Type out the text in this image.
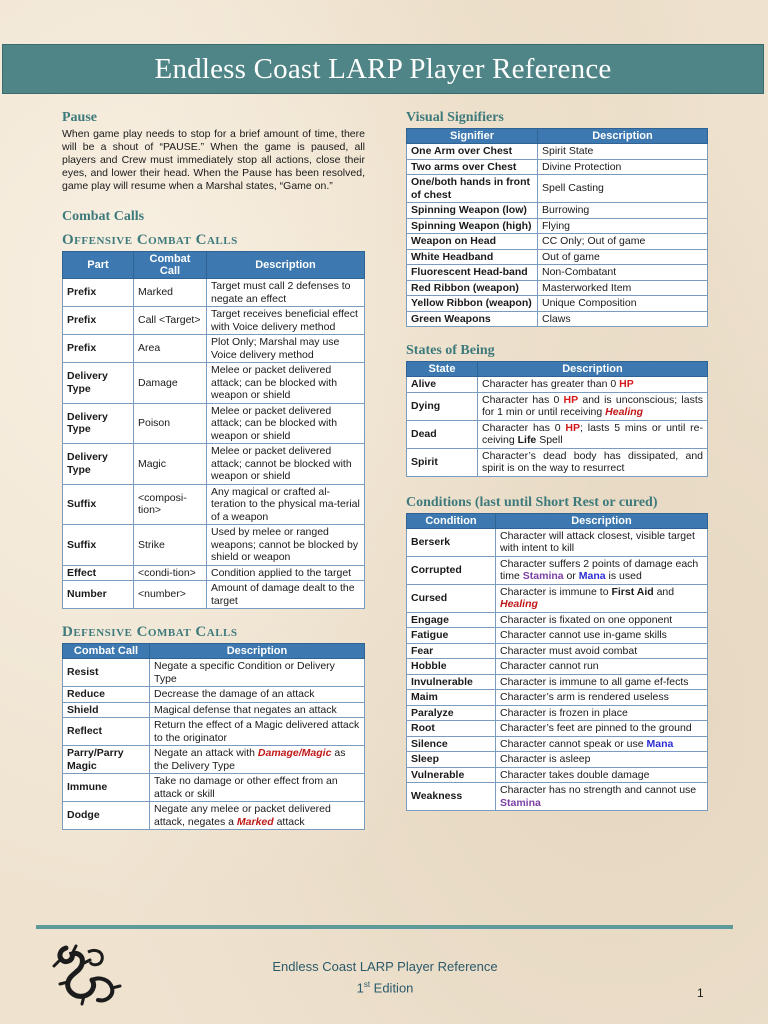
Endless Coast LARP Player Reference
Pause

When game play needs to stop for a brief amount of time, there will be a shout of “PAUSE.” When the game is paused, all players and Crew must immediately stop all actions, close their eyes, and lower their head. When the Pause has been resolved, game play will resume when a Marshal states, “Game on.”

Combat Calls
Offensive Combat Calls
Part	Combat Call	Description
Prefix	Marked	Target must call 2 defenses to negate an effect
Prefix	Call <Target>	Target receives beneficial effect with Voice delivery method
Prefix	Area	Plot Only; Marshal may use Voice delivery method
Delivery Type	Damage	Melee or packet delivered attack; can be blocked with weapon or shield
Delivery Type	Poison	Melee or packet delivered attack; can be blocked with weapon or shield
Delivery Type	Magic	Melee or packet delivered attack; cannot be blocked with weapon or shield
Suffix	<composi-tion>	Any magical or crafted al-teration to the physical ma-terial of a weapon
Suffix	Strike	Used by melee or ranged weapons; cannot be blocked by shield or weapon
Effect	<condi-tion>	Condition applied to the target
Number	<number>	Amount of damage dealt to the target
Defensive Combat Calls
Combat Call	Description
Resist	Negate a specific Condition or Delivery Type
Reduce	Decrease the damage of an attack
Shield	Magical defense that negates an attack
Reflect	Return the effect of a Magic delivered attack to the originator
Parry/Parry Magic	Negate an attack with Damage/Magic as the Delivery Type
Immune	Take no damage or other effect from an attack or skill
Dodge	Negate any melee or packet delivered attack, negates a Marked attack
Visual Signifiers
Signifier	Description
One Arm over Chest	Spirit State
Two arms over Chest	Divine Protection
One/both hands in front of chest	Spell Casting
Spinning Weapon (low)	Burrowing
Spinning Weapon (high)	Flying
Weapon on Head	CC Only; Out of game
White Headband	Out of game
Fluorescent Head-band	Non-Combatant
Red Ribbon (weapon)	Masterworked Item
Yellow Ribbon (weapon)	Unique Composition
Green Weapons	Claws
States of Being
State	Description
Alive	Character has greater than 0 HP
Dying	Character has 0 HP and is unconscious; lasts for 1 min or until receiving Healing
Dead	Character has 0 HP; lasts 5 mins or until re-ceiving Life Spell
Spirit	Character’s dead body has dissipated, and spirit is on the way to resurrect
Conditions (last until Short Rest or cured)
Condition	Description
Berserk	Character will attack closest, visible target with intent to kill
Corrupted	Character suffers 2 points of damage each time Stamina or Mana is used
Cursed	Character is immune to First Aid and Healing
Engage	Character is fixated on one opponent
Fatigue	Character cannot use in-game skills
Fear	Character must avoid combat
Hobble	Character cannot run
Invulnerable	Character is immune to all game ef-fects
Maim	Character’s arm is rendered useless
Paralyze	Character is frozen in place
Root	Character’s feet are pinned to the ground
Silence	Character cannot speak or use Mana
Sleep	Character is asleep
Vulnerable	Character takes double damage
Weakness	Character has no strength and cannot use Stamina
Endless Coast LARP Player Reference
1st Edition	1
